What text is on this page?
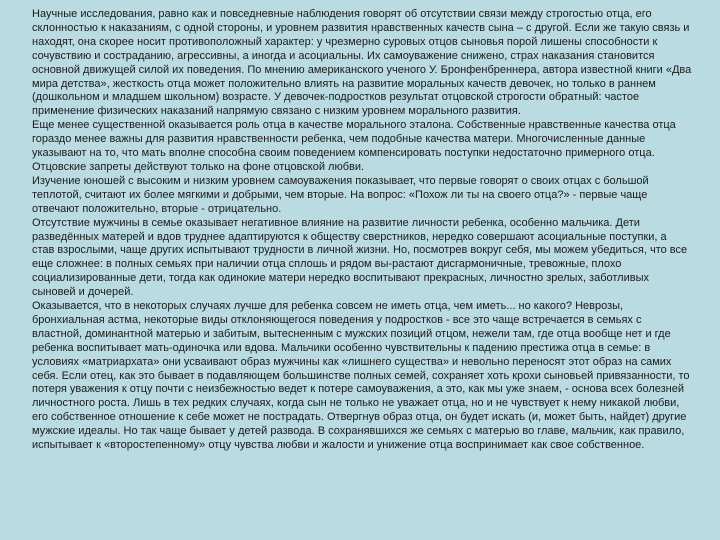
Научные исследования, равно как и повседневные наблюдения говорят об отсутствии связи между строгостью отца, его склонностью к наказаниям, с одной стороны, и уровнем развития нравственных качеств сына – с другой. Если же такую связь и находят, она скорее носит противоположный характер: у чрезмерно суровых отцов сыновья порой лишены способности к сочувствию и состраданию, агрессивны, а иногда и асоциальны. Их самоуважение снижено, страх наказания становится основной движущей силой их поведения. По мнению американского ученого У. Бронфенбреннера, автора известной книги «Два мира детства», жесткость отца может положительно влиять на развитие моральных качеств девочек, но только в раннем (дошкольном и младшем школьном) возрасте. У девочек-подростков результат отцовской строгости обратный: частое применение физических наказаний напрямую связано с низким уровнем морального развития.

Еще менее существенной оказывается роль отца в качестве морального эталона. Собственные нравственные качества отца гораздо менее важны для развития нравственности ребенка, чем подобные качества матери. Многочисленные данные указывают на то, что мать вполне способна своим поведением компенсировать поступки недостаточно примерного отца. Отцовские запреты действуют только на фоне отцовской любви.

Изучение юношей с высоким и низким уровнем самоуважения показывает, что первые говорят о своих отцах с большой теплотой, считают их более мягкими и добрыми, чем вторые. На вопрос: «Похож ли ты на своего отца?» - первые чаще отвечают положительно, вторые - отрицательно.

Отсутствие мужчины в семье оказывает негативное влияние на развитие личности ребенка, особенно мальчика. Дети разведённых матерей и вдов труднее адаптируются к обществу сверстников, нередко совершают асоциальные поступки, а став взрослыми, чаще других испытывают трудности в личной жизни. Но, посмотрев вокруг себя, мы можем убедиться, что все еще сложнее: в полных семьях при наличии отца сплошь и рядом вы-растают дисгармоничные, тревожные, плохо социализированные дети, тогда как одинокие матери нередко воспитывают прекрасных, личностно зрелых, заботливых сыновей и дочерей.

Оказывается, что в некоторых случаях лучше для ребенка совсем не иметь отца, чем иметь... но какого? Неврозы, бронхиальная астма, некоторые виды отклоняющегося поведения у подростков - все это чаще встречается в семьях с властной, доминантной матерью и забитым, вытесненным с мужских позиций отцом, нежели там, где отца вообще нет и где ребенка воспитывает мать-одиночка или вдова. Мальчики особенно чувствительны к падению престижа отца в семье: в условиях «матриархата» они усваивают образ мужчины как «лишнего существа» и невольно переносят этот образ на самих себя. Если отец, как это бывает в подавляющем большинстве полных семей, сохраняет хоть крохи сыновьей привязанности, то потеря уважения к отцу почти с неизбежностью ведет к потере самоуважения, а это, как мы уже знаем, - основа всех болезней личностного роста. Лишь в тех редких случаях, когда сын не только не уважает отца, но и не чувствует к нему никакой любви, его собственное отношение к себе может не пострадать. Отвергнув образ отца, он будет искать (и, может быть, найдет) другие мужские идеалы. Но так чаще бывает у детей развода. В сохранявшихся же семьях с матерью во главе, мальчик, как правило, испытывает к «второстепенному» отцу чувства любви и жалости и унижение отца воспринимает как свое собственное.
